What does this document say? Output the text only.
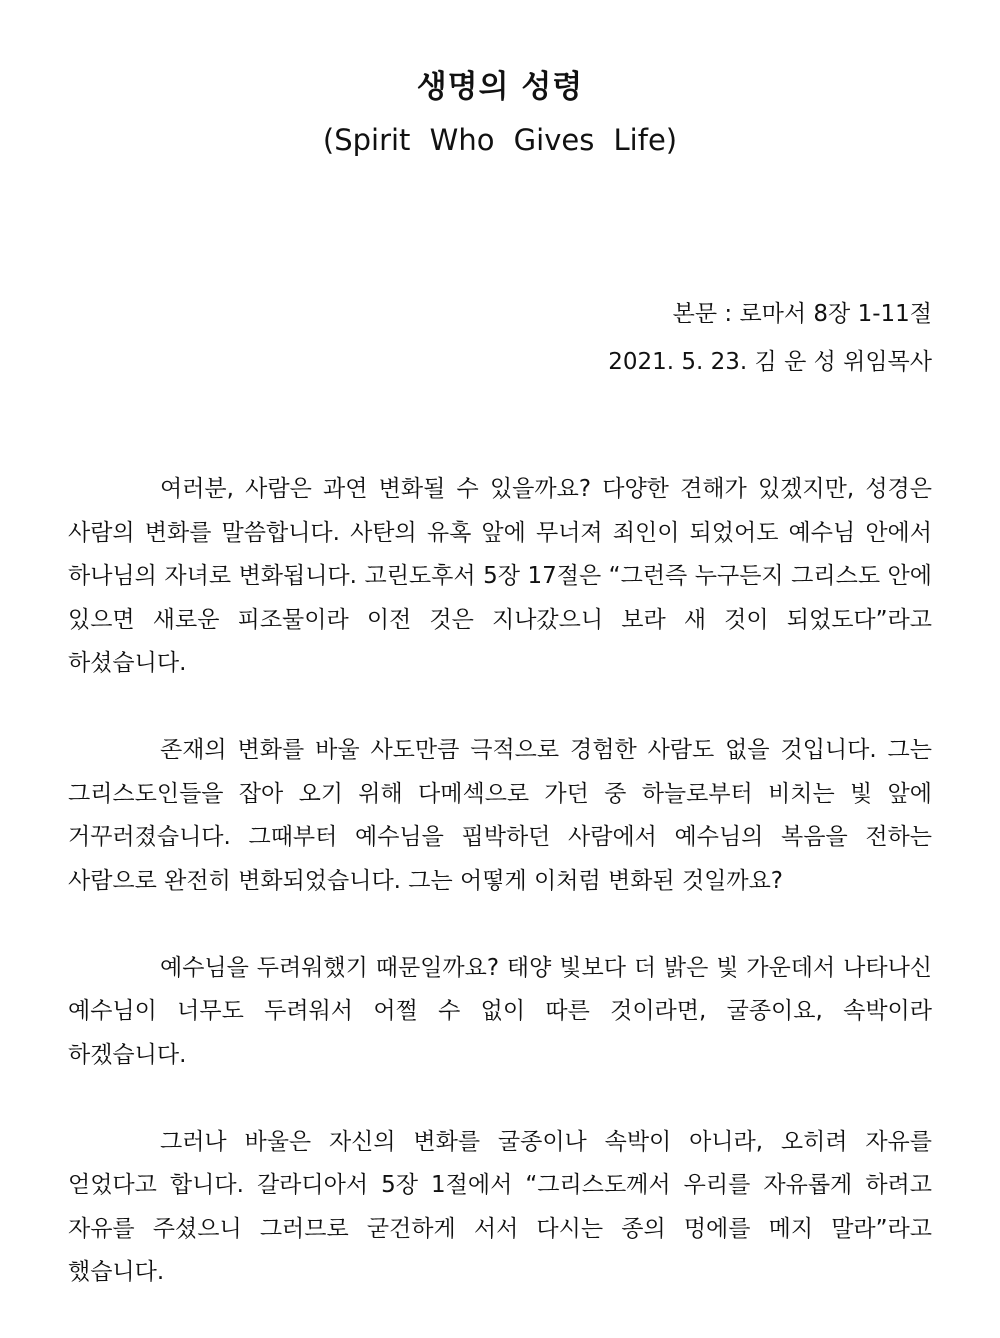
생명의 성령
(Spirit Who Gives Life)
본문 : 로마서 8장 1-11절
2021. 5. 23. 김 운 성 위임목사

여러분, 사람은 과연 변화될 수 있을까요? 다양한 견해가 있겠지만, 성경은 사람의 변화를 말씀합니다. 사탄의 유혹 앞에 무너져 죄인이 되었어도 예수님 안에서 하나님의 자녀로 변화됩니다. 고린도후서 5장 17절은 “그런즉 누구든지 그리스도 안에 있으면 새로운 피조물이라 이전 것은 지나갔으니 보라 새 것이 되었도다”라고 하셨습니다.

존재의 변화를 바울 사도만큼 극적으로 경험한 사람도 없을 것입니다. 그는 그리스도인들을 잡아 오기 위해 다메섹으로 가던 중 하늘로부터 비치는 빛 앞에 거꾸러졌습니다. 그때부터 예수님을 핍박하던 사람에서 예수님의 복음을 전하는 사람으로 완전히 변화되었습니다. 그는 어떻게 이처럼 변화된 것일까요?

예수님을 두려워했기 때문일까요? 태양 빛보다 더 밝은 빛 가운데서 나타나신 예수님이 너무도 두려워서 어쩔 수 없이 따른 것이라면, 굴종이요, 속박이라 하겠습니다.

그러나 바울은 자신의 변화를 굴종이나 속박이 아니라, 오히려 자유를 얻었다고 합니다. 갈라디아서 5장 1절에서 “그리스도께서 우리를 자유롭게 하려고 자유를 주셨으니 그러므로 굳건하게 서서 다시는 종의 멍에를 메지 말라”라고 했습니다.
